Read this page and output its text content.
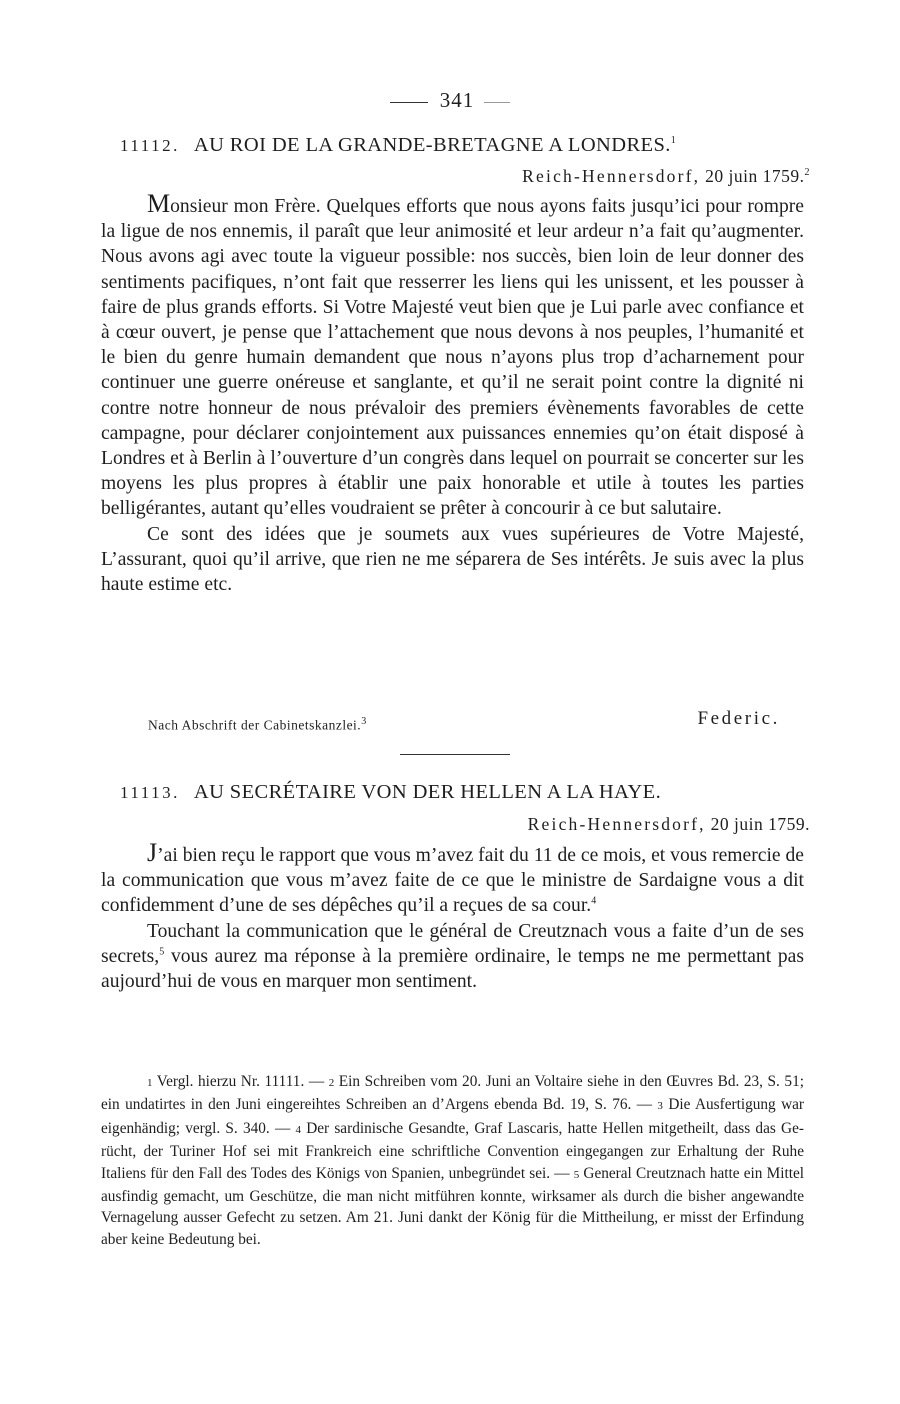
341
11112. AU ROI DE LA GRANDE-BRETAGNE A LONDRES.$^1$
Reich-Hennersdorf, 20 juin 1759.$^2$

Monsieur mon Frère. Quelques efforts que nous ayons faits jusqu’ici pour rompre la ligue de nos ennemis, il paraît que leur animosité et leur ardeur n’a fait qu’augmenter. Nous avons agi avec toute la vigueur possible: nos succès, bien loin de leur donner des sentiments pacifiques, n’ont fait que resserrer les liens qui les unissent, et les pousser à faire de plus grands efforts. Si Votre Majesté veut bien que je Lui parle avec confiance et à cœur ouvert, je pense que l’attachement que nous devons à nos peuples, l’humanité et le bien du genre humain demandent que nous n’ayons plus trop d’acharnement pour continuer une guerre onéreuse et sanglante, et qu’il ne serait point contre la dignité ni contre notre honneur de nous prévaloir des premiers évènements favorables de cette campagne, pour déclarer conjointement aux puissances ennemies qu’on était disposé à Londres et à Berlin à l’ouverture d’un congrès dans lequel on pourrait se concerter sur les moyens les plus propres à établir une paix honorable et utile à toutes les parties belligérantes, autant qu’elles voudraient se prêter à concourir à ce but salutaire.

Ce sont des idées que je soumets aux vues supérieures de Votre Majesté, L’assurant, quoi qu’il arrive, que rien ne me séparera de Ses intérêts. Je suis avec la plus haute estime etc.

Nach Abschrift der Cabinetskanzlei.$^3$	Federic.
11113. AU SECRÉTAIRE VON DER HELLEN A LA HAYE.
Reich-Hennersdorf, 20 juin 1759.

J’ai bien reçu le rapport que vous m’avez fait du 11 de ce mois, et vous remercie de la communication que vous m’avez faite de ce que le ministre de Sardaigne vous a dit confidemment d’une de ses dépêches qu’il a reçues de sa cour.$^4$

Touchant la communication que le général de Creutznach vous a faite d’un de ses secrets,$^5$ vous aurez ma réponse à la première ordinaire, le temps ne me permettant pas aujourd’hui de vous en marquer mon sentiment.

1 Vergl. hierzu Nr. 11111. — 2 Ein Schreiben vom 20. Juni an Voltaire siehe in den Œuvres Bd. 23, S. 51; ein undatirtes in den Juni eingereihtes Schreiben an d’Argens ebenda Bd. 19, S. 76. — 3 Die Ausfertigung war eigenhändig; vergl. S. 340. — 4 Der sardinische Gesandte, Graf Lascaris, hatte Hellen mitgetheilt, dass das Gerücht, der Turiner Hof sei mit Frankreich eine schriftliche Convention eingegangen zur Erhaltung der Ruhe Italiens für den Fall des Todes des Königs von Spanien, unbegründet sei. — 5 General Creutznach hatte ein Mittel ausfindig gemacht, um Geschütze, die man nicht mitführen konnte, wirksamer als durch die bisher angewandte Vernagelung ausser Gefecht zu setzen. Am 21. Juni dankt der König für die Mittheilung, er misst der Erfindung aber keine Bedeutung bei.
